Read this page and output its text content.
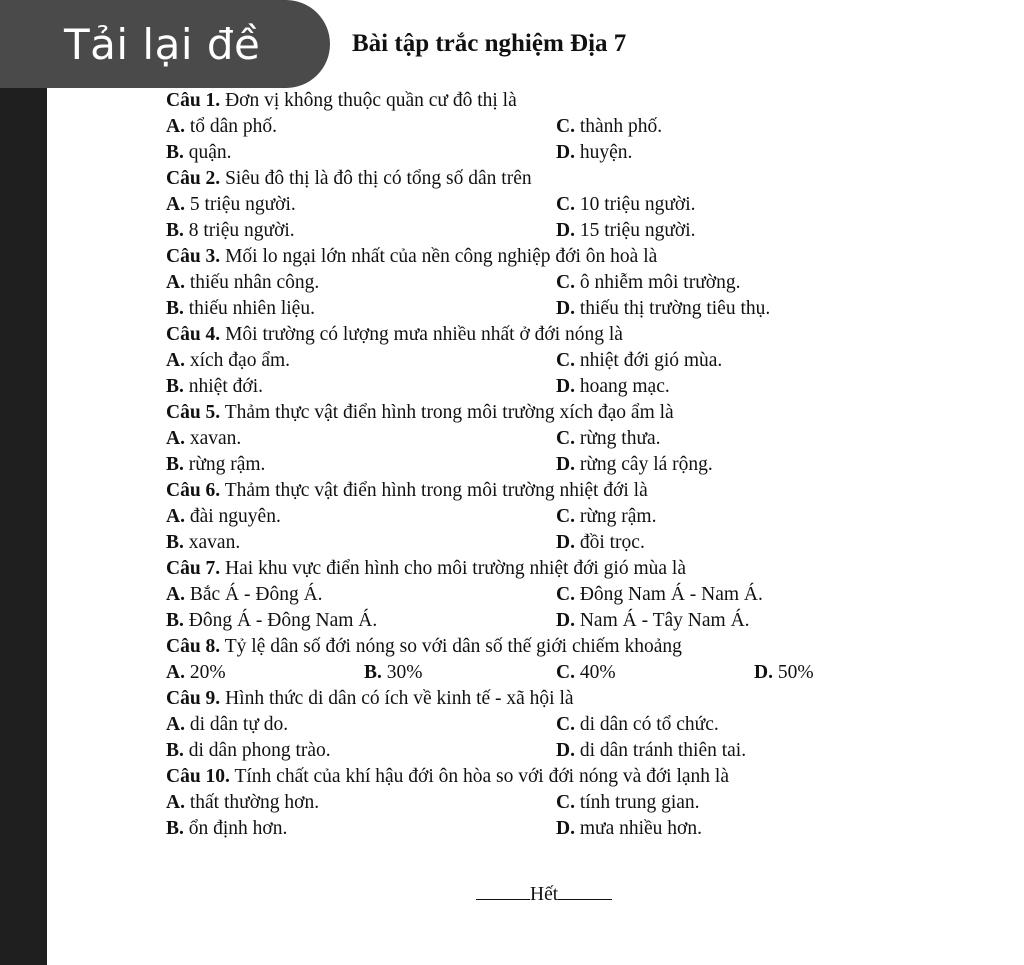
Tải lại đề	Bài tập trắc nghiệm Địa 7
Câu 1. Đơn vị không thuộc quần cư đô thị là
A. tổ dân phố.	C. thành phố.
B. quận.	D. huyện.
Câu 2. Siêu đô thị là đô thị có tổng số dân trên
A. 5 triệu người.	C. 10 triệu người.
B. 8 triệu người.	D. 15 triệu người.
Câu 3. Mối lo ngại lớn nhất của nền công nghiệp đới ôn hoà là
A. thiếu nhân công.	C. ô nhiễm môi trường.
B. thiếu nhiên liệu.	D. thiếu thị trường tiêu thụ.
Câu 4. Môi trường có lượng mưa nhiều nhất ở đới nóng là
A. xích đạo ẩm.	C. nhiệt đới gió mùa.
B. nhiệt đới.	D. hoang mạc.
Câu 5. Thảm thực vật điển hình trong môi trường xích đạo ẩm là
A. xavan.	C. rừng thưa.
B. rừng rậm.	D. rừng cây lá rộng.
Câu 6. Thảm thực vật điển hình trong môi trường nhiệt đới là
A. đài nguyên.	C. rừng rậm.
B. xavan.	D. đồi trọc.
Câu 7. Hai khu vực điển hình cho môi trường nhiệt đới gió mùa là
A. Bắc Á - Đông Á.	C. Đông Nam Á - Nam Á.
B. Đông Á - Đông Nam Á.	D. Nam Á - Tây Nam Á.
Câu 8. Tỷ lệ dân số đới nóng so với dân số thế giới chiếm khoảng
A. 20%	B. 30%	C. 40%	D. 50%
Câu 9. Hình thức di dân có ích về kinh tế - xã hội là
A. di dân tự do.	C. di dân có tổ chức.
B. di dân phong trào.	D. di dân tránh thiên tai.
Câu 10. Tính chất của khí hậu đới ôn hòa so với đới nóng và đới lạnh là
A. thất thường hơn.	C. tính trung gian.
B. ổn định hơn.	D. mưa nhiều hơn.
Hết
